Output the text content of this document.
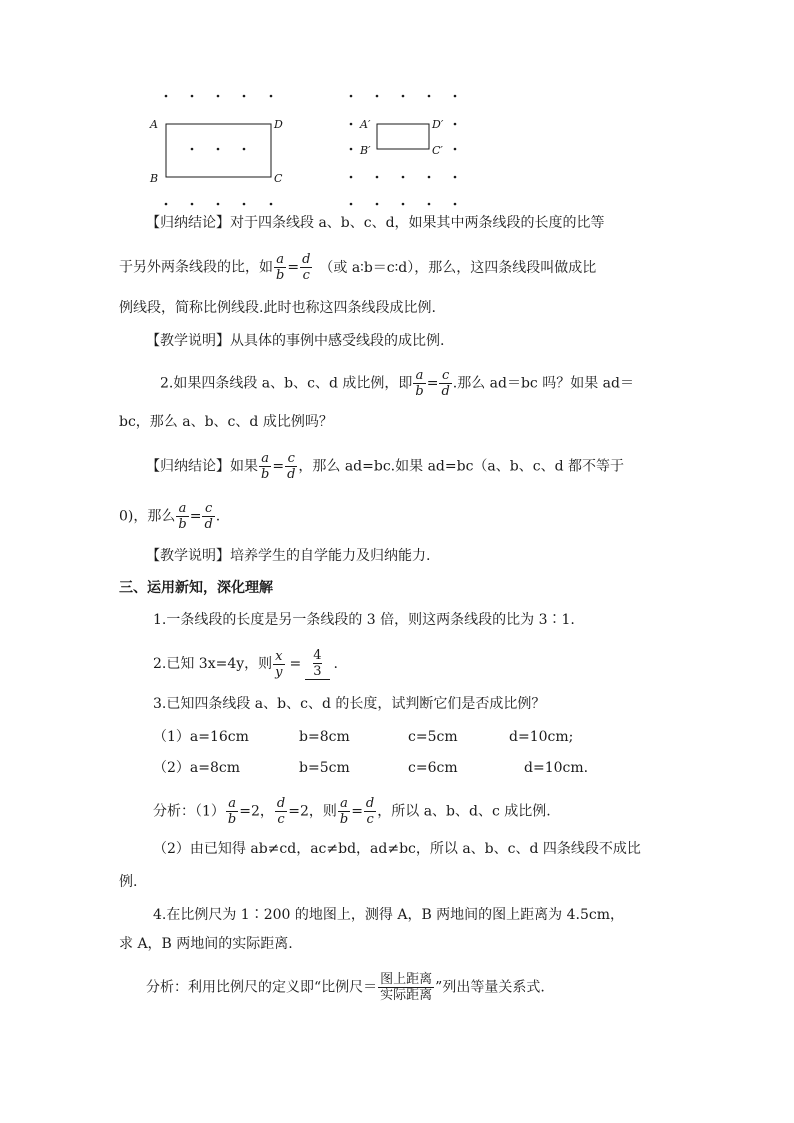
A	D
B	C
A′	D′
B′	C′
【归纳结论】对于四条线段 a、b、c、d，如果其中两条线段的长度的比等
于另外两条线段的比，如 $\frac{a}{b} = \frac{d}{c}$ （或 a∶b＝c∶d），那么，这四条线段叫做成比
例线段，简称比例线段.此时也称这四条线段成比例.
【教学说明】从具体的事例中感受线段的成比例.
2.如果四条线段 a、b、c、d 成比例，即 $\frac{a}{b} = \frac{c}{d}$ .那么 ad＝bc 吗？如果 ad＝
bc，那么 a、b、c、d 成比例吗？
【归纳结论】如果 $\frac{a}{b} = \frac{c}{d}$ ，那么 ad=bc.如果 ad=bc（a、b、c、d 都不等于
0)，那么 $\frac{a}{b} = \frac{c}{d}$ .
【教学说明】培养学生的自学能力及归纳能力.
三、运用新知，深化理解
1.一条线段的长度是另一条线段的 3 倍，则这两条线段的比为 3∶1.
2.已知 3x=4y，则 $\frac{x}{y} = \frac{4}{3}$ .
3.已知四条线段 a、b、c、d 的长度，试判断它们是否成比例？
（1）a=16cm	b=8cm	c=5cm	d=10cm;
（2）a=8cm	b=5cm	c=6cm	d=10cm.
分析：$(1) \frac{a}{b} =2$， $\frac{d}{c} =2$，则 $\frac{a}{b} = \frac{d}{c}$ ，所以 a、b、d、c 成比例.
（2）由已知得 ab≠cd，ac≠bd，ad≠bc，所以 a、b、c、d 四条线段不成比
例.
4.在比例尺为 1∶200 的地图上，测得 A，B 两地间的图上距离为 4.5cm，
求 A，B 两地间的实际距离.
分析：利用比例尺的定义即“比例尺＝ $\frac{\text{图上距离}}{\text{实际距离}}$ ”列出等量关系式.
